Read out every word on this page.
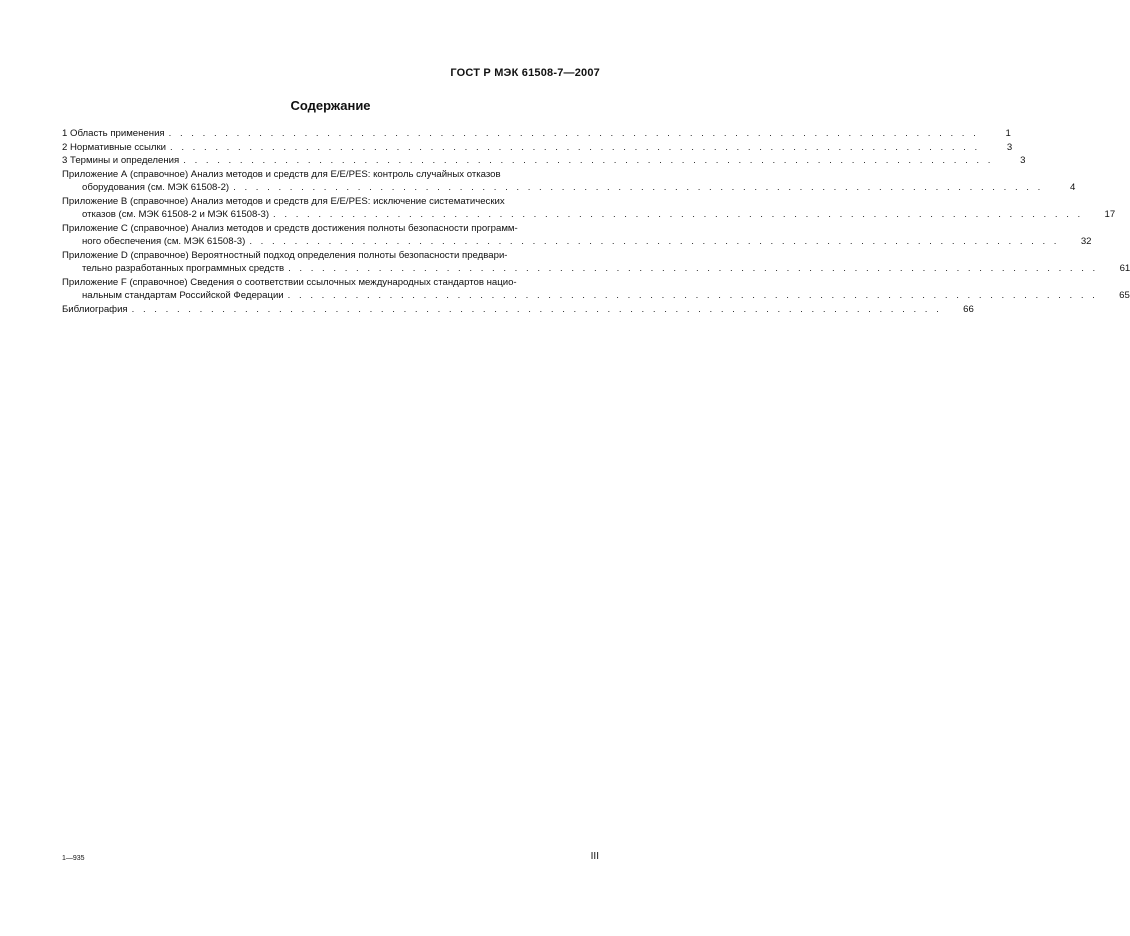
ГОСТ Р МЭК 61508-7—2007
Содержание
1 Область применения . . . . . . . . . . . . . . . . . . . . . . . . . . . . . . . . . . . . . . . . . . . . . . . . . . . . . . . . . . . . . . . . . . . . . . . .	1
2 Нормативные ссылки . . . . . . . . . . . . . . . . . . . . . . . . . . . . . . . . . . . . . . . . . . . . . . . . . . . . . . . . . . . . . . . . . . . . . . . .	3
3 Термины и определения . . . . . . . . . . . . . . . . . . . . . . . . . . . . . . . . . . . . . . . . . . . . . . . . . . . . . . . . . . . . . . . . . . . . . . . .	3
Приложение А (справочное) Анализ методов и средств для E/E/PES: контроль случайных отказов
оборудования (см. МЭК 61508-2) . . . . . . . . . . . . . . . . . . . . . . . . . . . . . . . . . . . . . . . . . . . . . . . . . . . . . . . . . . . . . . . . . . . . . . . .	4
Приложение В (справочное) Анализ методов и средств для E/E/PES: исключение систематических
отказов (см. МЭК 61508-2 и МЭК 61508-3) . . . . . . . . . . . . . . . . . . . . . . . . . . . . . . . . . . . . . . . . . . . . . . . . . . . . . . . . . . . . . . . . . . . . . . . .	17
Приложение С (справочное) Анализ методов и средств достижения полноты безопасности программ-
ного обеспечения (см. МЭК 61508-3) . . . . . . . . . . . . . . . . . . . . . . . . . . . . . . . . . . . . . . . . . . . . . . . . . . . . . . . . . . . . . . . . . . . . . . . .	32
Приложение D (справочное) Вероятностный подход определения полноты безопасности предвари-
тельно разработанных программных средств . . . . . . . . . . . . . . . . . . . . . . . . . . . . . . . . . . . . . . . . . . . . . . . . . . . . . . . . . . . . . . . . . . . . . . . .	61
Приложение F (справочное) Сведения о соответствии ссылочных международных стандартов нацио-
нальным стандартам Российской Федерации . . . . . . . . . . . . . . . . . . . . . . . . . . . . . . . . . . . . . . . . . . . . . . . . . . . . . . . . . . . . . . . . . . . . . . . .	65
Библиография . . . . . . . . . . . . . . . . . . . . . . . . . . . . . . . . . . . . . . . . . . . . . . . . . . . . . . . . . . . . . . . . . . . . . . . .	66
1—935	III
